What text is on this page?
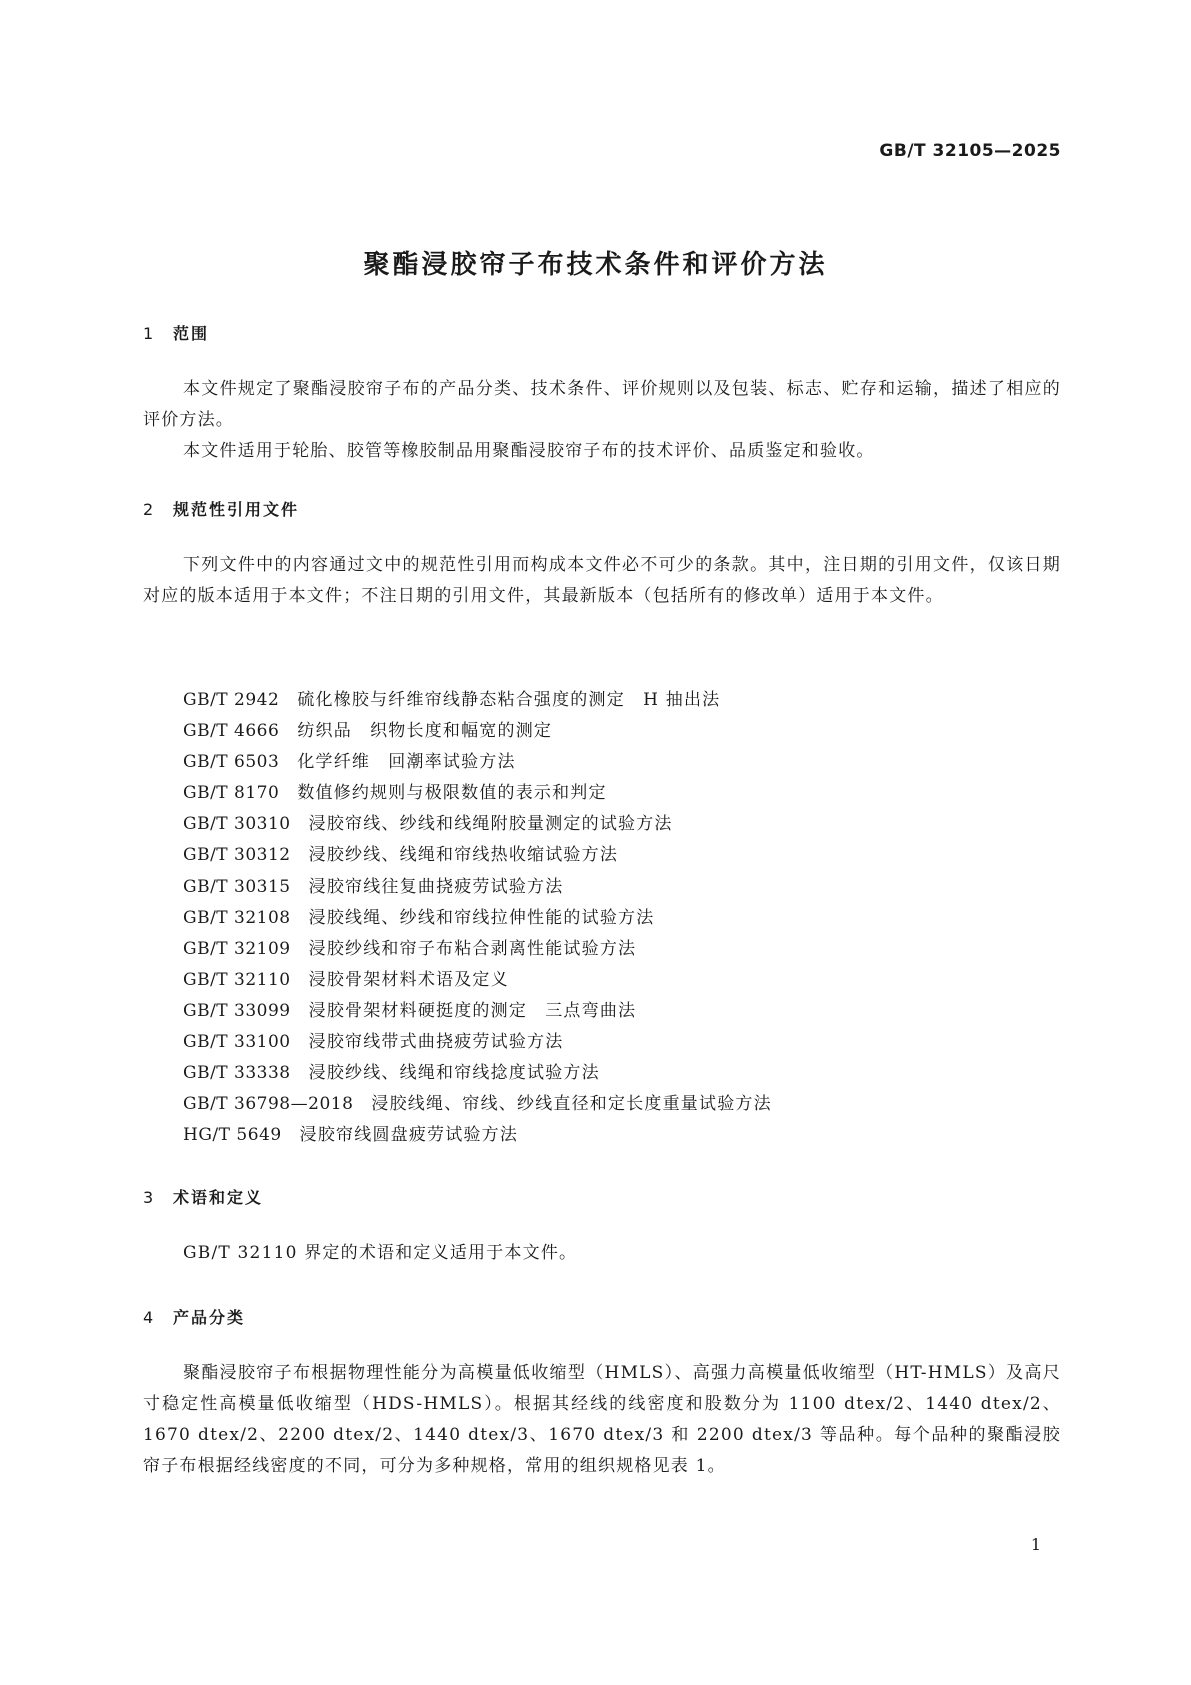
GB/T 32105—2025
聚酯浸胶帘子布技术条件和评价方法
1 范围

本文件规定了聚酯浸胶帘子布的产品分类、技术条件、评价规则以及包装、标志、贮存和运输，描述了相应的评价方法。

本文件适用于轮胎、胶管等橡胶制品用聚酯浸胶帘子布的技术评价、品质鉴定和验收。

2 规范性引用文件

下列文件中的内容通过文中的规范性引用而构成本文件必不可少的条款。其中，注日期的引用文件，仅该日期对应的版本适用于本文件；不注日期的引用文件，其最新版本（包括所有的修改单）适用于本文件。

GB/T 2942 硫化橡胶与纤维帘线静态粘合强度的测定　H 抽出法
GB/T 4666 纺织品　织物长度和幅宽的测定
GB/T 6503 化学纤维　回潮率试验方法
GB/T 8170 数值修约规则与极限数值的表示和判定
GB/T 30310 浸胶帘线、纱线和线绳附胶量测定的试验方法
GB/T 30312 浸胶纱线、线绳和帘线热收缩试验方法
GB/T 30315 浸胶帘线往复曲挠疲劳试验方法
GB/T 32108 浸胶线绳、纱线和帘线拉伸性能的试验方法
GB/T 32109 浸胶纱线和帘子布粘合剥离性能试验方法
GB/T 32110 浸胶骨架材料术语及定义
GB/T 33099 浸胶骨架材料硬挺度的测定　三点弯曲法
GB/T 33100 浸胶帘线带式曲挠疲劳试验方法
GB/T 33338 浸胶纱线、线绳和帘线捻度试验方法
GB/T 36798—2018 浸胶线绳、帘线、纱线直径和定长度重量试验方法
HG/T 5649 浸胶帘线圆盘疲劳试验方法
3 术语和定义

GB/T 32110 界定的术语和定义适用于本文件。

4 产品分类

聚酯浸胶帘子布根据物理性能分为高模量低收缩型（HMLS）、高强力高模量低收缩型（HT-HMLS）及高尺寸稳定性高模量低收缩型（HDS-HMLS）。根据其经线的线密度和股数分为 1100 dtex/2、1440 dtex/2、1670 dtex/2、2200 dtex/2、1440 dtex/3、1670 dtex/3 和 2200 dtex/3 等品种。每个品种的聚酯浸胶帘子布根据经线密度的不同，可分为多种规格，常用的组织规格见表 1。

1
